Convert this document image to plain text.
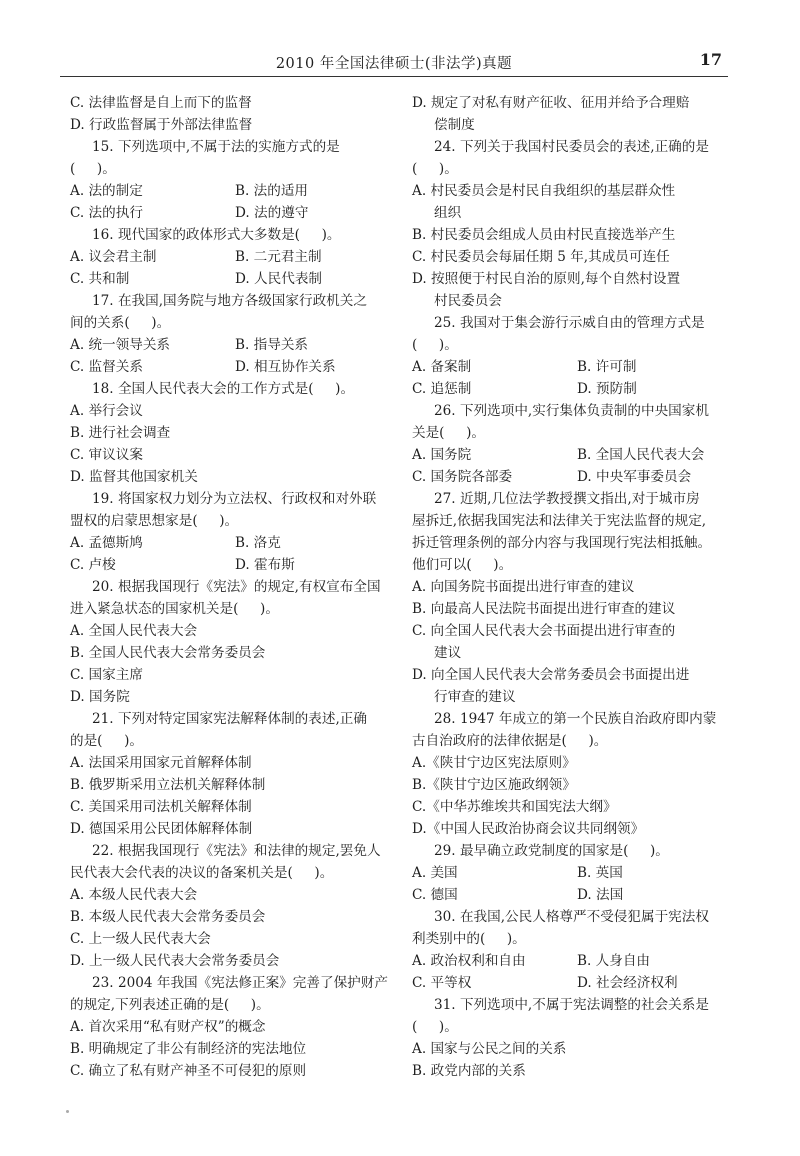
2010 年全国法律硕士(非法学)真题	17
C. 法律监督是自上而下的监督
D. 行政监督属于外部法律监督
15. 下列选项中,不属于法的实施方式的是
(     )。
A. 法的制定	B. 法的适用
C. 法的执行	D. 法的遵守
16. 现代国家的政体形式大多数是(     )。
A. 议会君主制	B. 二元君主制
C. 共和制	D. 人民代表制
17. 在我国,国务院与地方各级国家行政机关之
间的关系(     )。
A. 统一领导关系	B. 指导关系
C. 监督关系	D. 相互协作关系
18. 全国人民代表大会的工作方式是(     )。
A. 举行会议
B. 进行社会调查
C. 审议议案
D. 监督其他国家机关
19. 将国家权力划分为立法权、行政权和对外联
盟权的启蒙思想家是(     )。
A. 孟德斯鸠	B. 洛克
C. 卢梭	D. 霍布斯
20. 根据我国现行《宪法》的规定,有权宣布全国
进入紧急状态的国家机关是(     )。
A. 全国人民代表大会
B. 全国人民代表大会常务委员会
C. 国家主席
D. 国务院
21. 下列对特定国家宪法解释体制的表述,正确
的是(     )。
A. 法国采用国家元首解释体制
B. 俄罗斯采用立法机关解释体制
C. 美国采用司法机关解释体制
D. 德国采用公民团体解释体制
22. 根据我国现行《宪法》和法律的规定,罢免人
民代表大会代表的决议的备案机关是(     )。
A. 本级人民代表大会
B. 本级人民代表大会常务委员会
C. 上一级人民代表大会
D. 上一级人民代表大会常务委员会
23. 2004 年我国《宪法修正案》完善了保护财产
的规定,下列表述正确的是(     )。
A. 首次采用“私有财产权”的概念
B. 明确规定了非公有制经济的宪法地位
C. 确立了私有财产神圣不可侵犯的原则
D. 规定了对私有财产征收、征用并给予合理赔
偿制度
24. 下列关于我国村民委员会的表述,正确的是
(     )。
A. 村民委员会是村民自我组织的基层群众性
组织
B. 村民委员会组成人员由村民直接选举产生
C. 村民委员会每届任期 5 年,其成员可连任
D. 按照便于村民自治的原则,每个自然村设置
村民委员会
25. 我国对于集会游行示威自由的管理方式是
(     )。
A. 备案制	B. 许可制
C. 追惩制	D. 预防制
26. 下列选项中,实行集体负责制的中央国家机
关是(     )。
A. 国务院	B. 全国人民代表大会
C. 国务院各部委	D. 中央军事委员会
27. 近期,几位法学教授撰文指出,对于城市房
屋拆迁,依据我国宪法和法律关于宪法监督的规定,
拆迁管理条例的部分内容与我国现行宪法相抵触。
他们可以(     )。
A. 向国务院书面提出进行审查的建议
B. 向最高人民法院书面提出进行审查的建议
C. 向全国人民代表大会书面提出进行审查的
建议
D. 向全国人民代表大会常务委员会书面提出进
行审查的建议
28. 1947 年成立的第一个民族自治政府即内蒙
古自治政府的法律依据是(     )。
A.《陕甘宁边区宪法原则》
B.《陕甘宁边区施政纲领》
C.《中华苏维埃共和国宪法大纲》
D.《中国人民政治协商会议共同纲领》
29. 最早确立政党制度的国家是(     )。
A. 美国	B. 英国
C. 德国	D. 法国
30. 在我国,公民人格尊严不受侵犯属于宪法权
利类别中的(     )。
A. 政治权利和自由	B. 人身自由
C. 平等权	D. 社会经济权利
31. 下列选项中,不属于宪法调整的社会关系是
(     )。
A. 国家与公民之间的关系
B. 政党内部的关系
